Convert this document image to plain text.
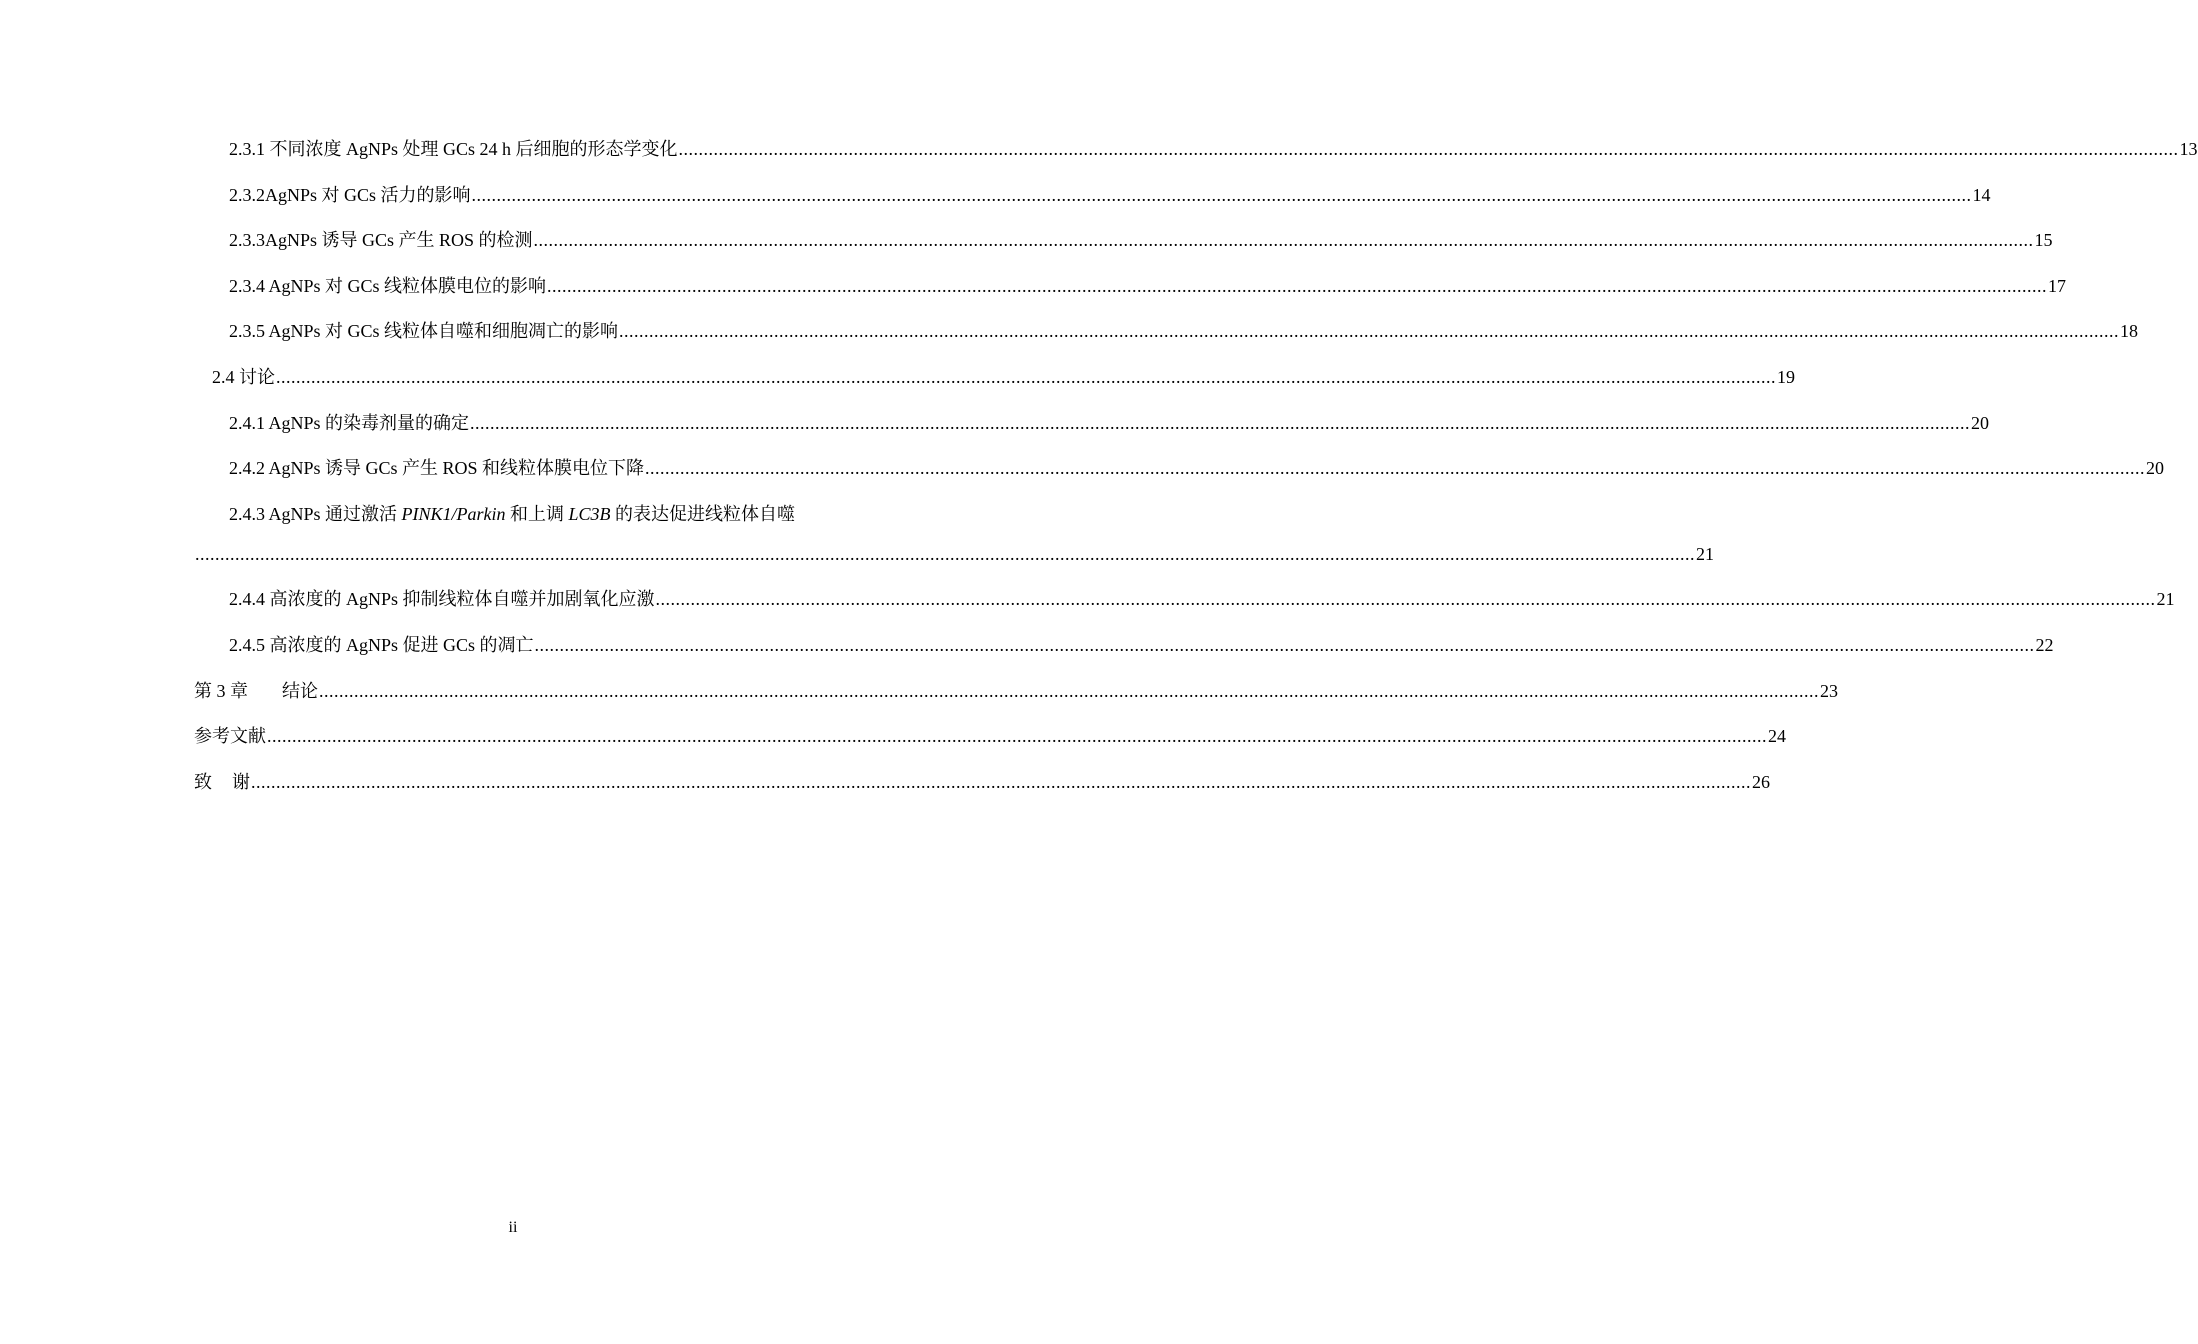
2.3.1 不同浓度 AgNPs 处理 GCs 24 h 后细胞的形态学变化 ............................................................................................................................................................................................................................................................................................................ 13
2.3.2AgNPs 对 GCs 活力的影响 ............................................................................................................................................................................................................................................................................................................ 14
2.3.3AgNPs 诱导 GCs 产生 ROS 的检测 ............................................................................................................................................................................................................................................................................................................ 15
2.3.4 AgNPs 对 GCs 线粒体膜电位的影响 ............................................................................................................................................................................................................................................................................................................ 17
2.3.5 AgNPs 对 GCs 线粒体自噬和细胞凋亡的影响 ............................................................................................................................................................................................................................................................................................................ 18
2.4 讨论 ............................................................................................................................................................................................................................................................................................................ 19
2.4.1 AgNPs 的染毒剂量的确定 ............................................................................................................................................................................................................................................................................................................ 20
2.4.2 AgNPs 诱导 GCs 产生 ROS 和线粒体膜电位下降 ............................................................................................................................................................................................................................................................................................................ 20
2.4.3 AgNPs 通过激活 PINK1/Parkin 和上调 LC3B 的表达促进线粒体自噬
............................................................................................................................................................................................................................................................................................................ 21
2.4.4 高浓度的 AgNPs 抑制线粒体自噬并加剧氧化应激 ............................................................................................................................................................................................................................................................................................................ 21
2.4.5 高浓度的 AgNPs 促进 GCs 的凋亡 ............................................................................................................................................................................................................................................................................................................ 22
第 3 章 结论 ............................................................................................................................................................................................................................................................................................................ 23
参考文献 ............................................................................................................................................................................................................................................................................................................ 24
致 谢 ............................................................................................................................................................................................................................................................................................................ 26
ii
